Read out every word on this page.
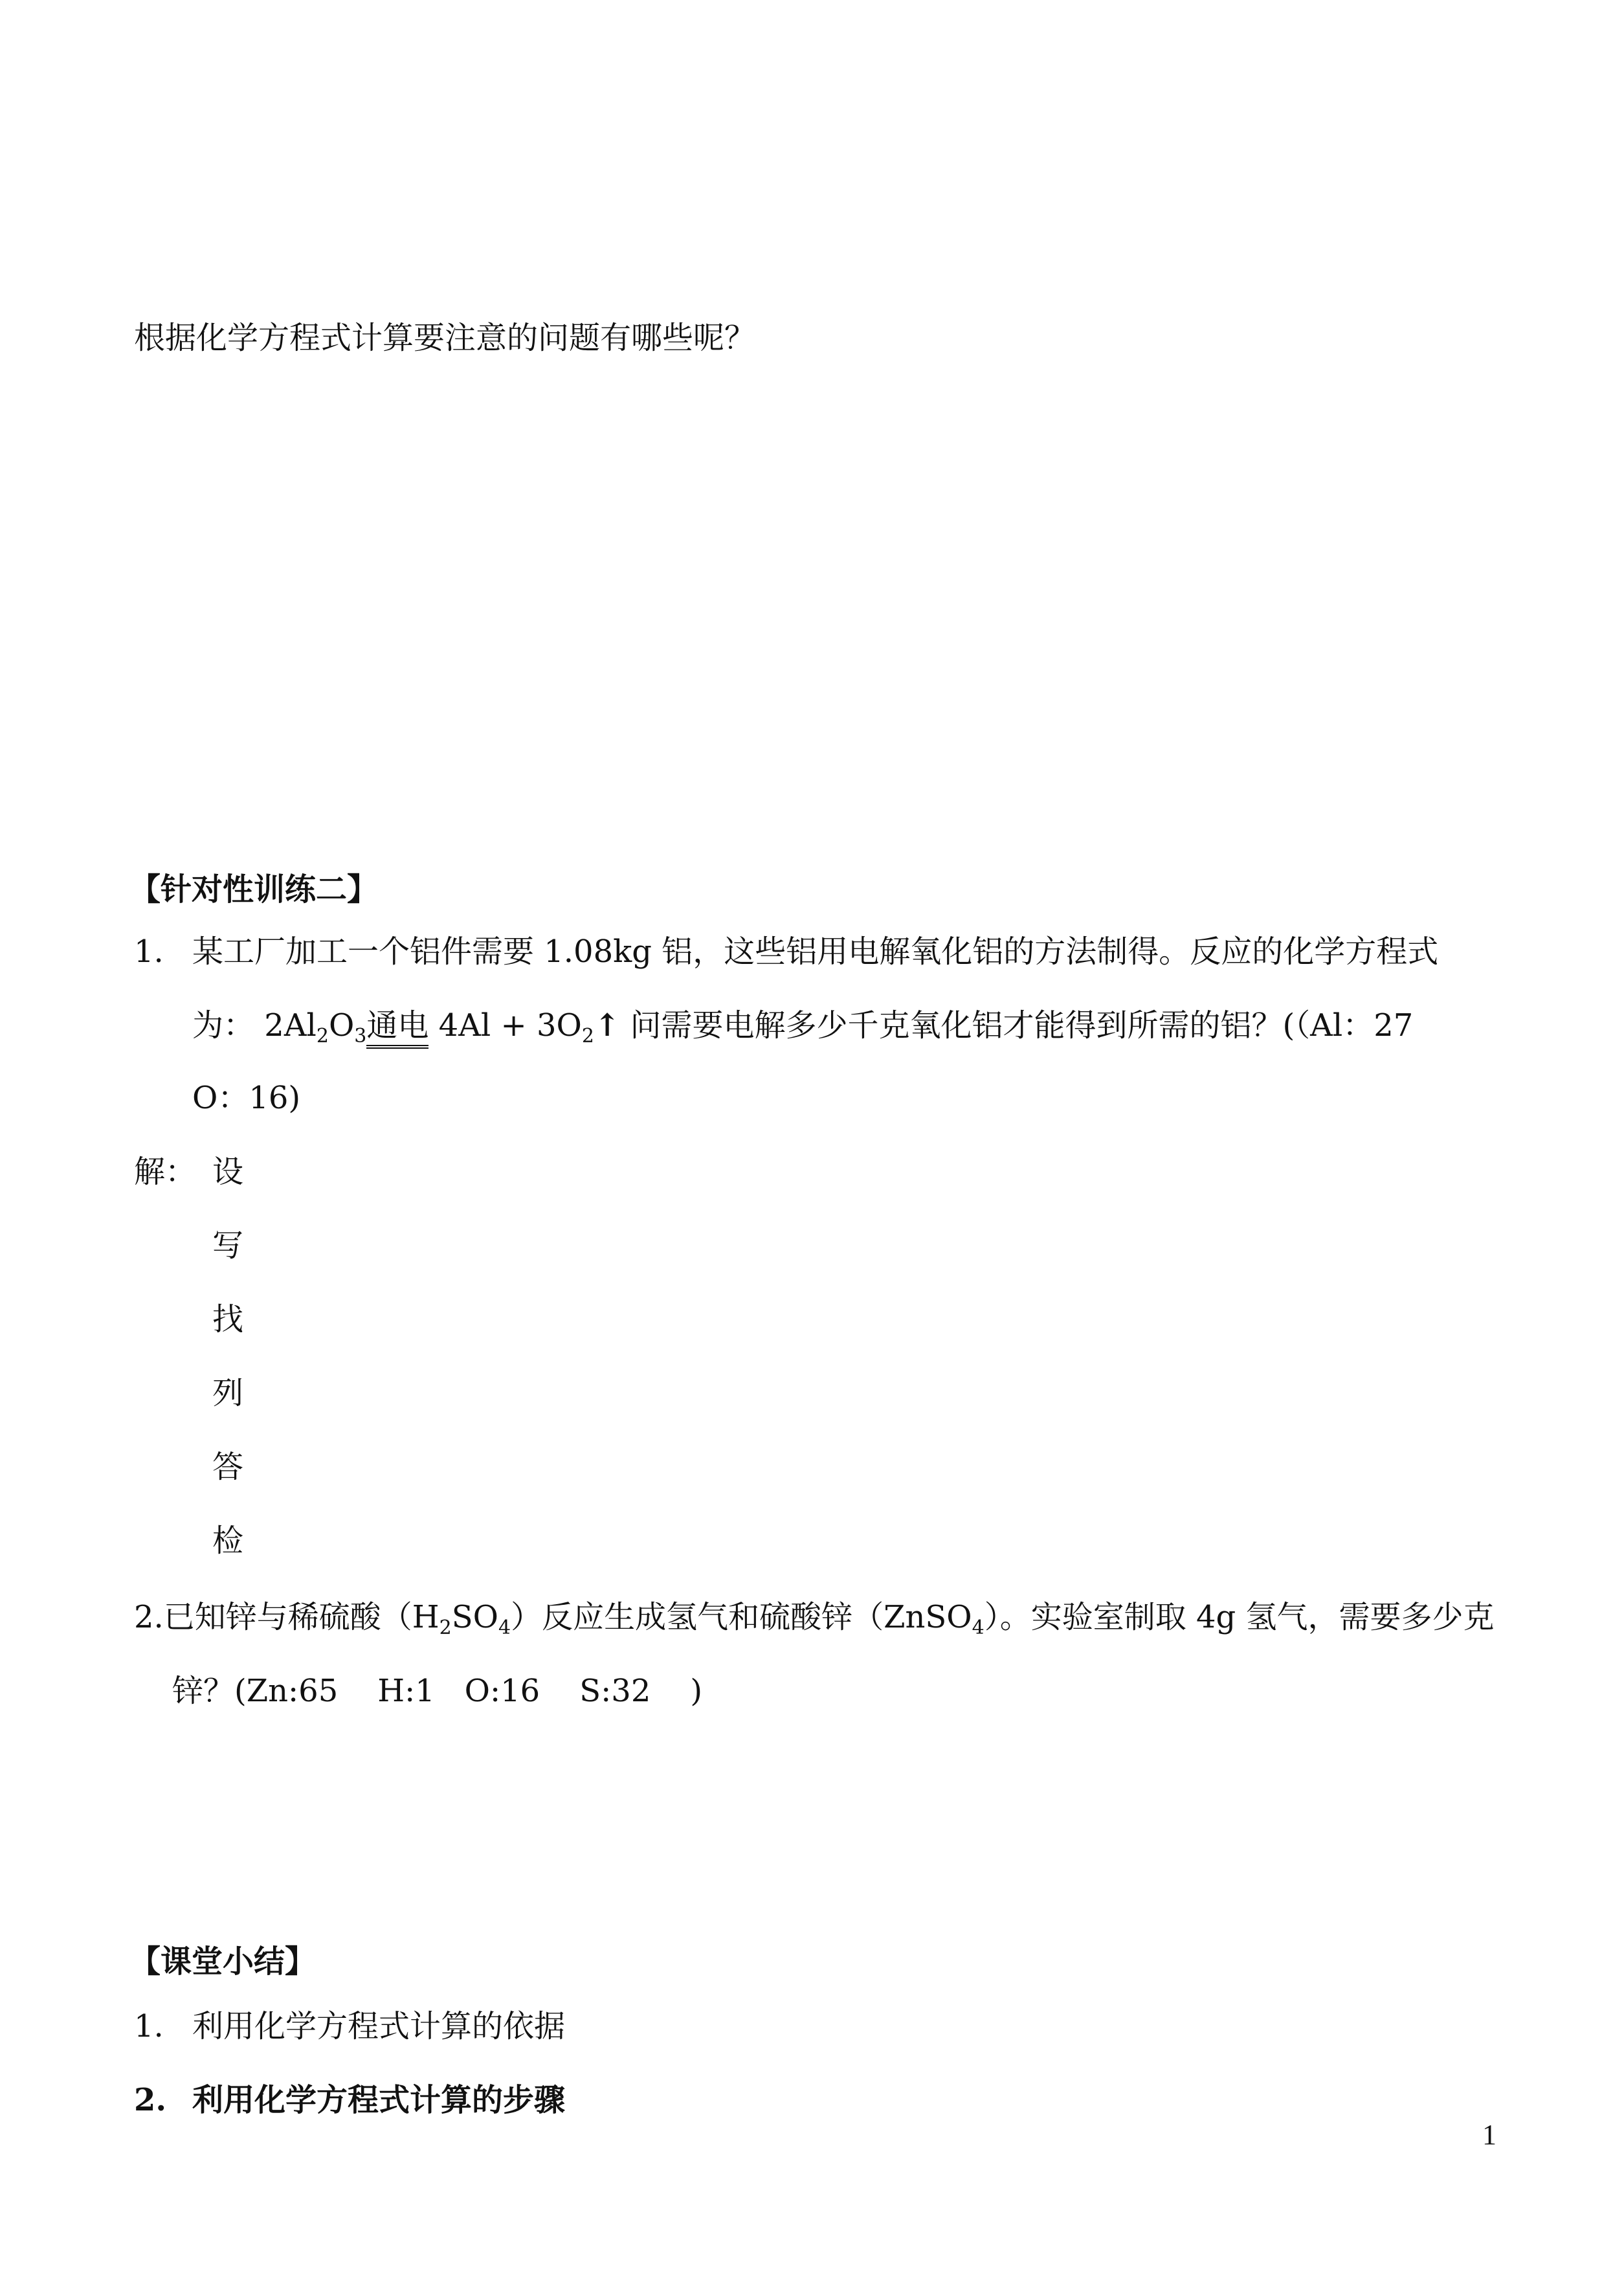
根据化学方程式计算要注意的问题有哪些呢？
【针对性训练二】
1. 某工厂加工一个铝件需要 1.08kg 铝，这些铝用电解氧化铝的方法制得。反应的化学方程式
为： $2Al_2O_3$通电 $4Al + 3O_2↑$ 问需要电解多少千克氧化铝才能得到所需的铝？(（Al：27
O：16)
解： 设
写
找
列
答
检
2.已知锌与稀硫酸$(H_2SO_4)$反应生成氢气和硫酸锌（ZnSO$_4$）。实验室制取 4g 氢气，需要多少克
锌？(Zn:65    H:1   O:16    S:32    )
【课堂小结】
1. 利用化学方程式计算的依据
2. 利用化学方程式计算的步骤
1
